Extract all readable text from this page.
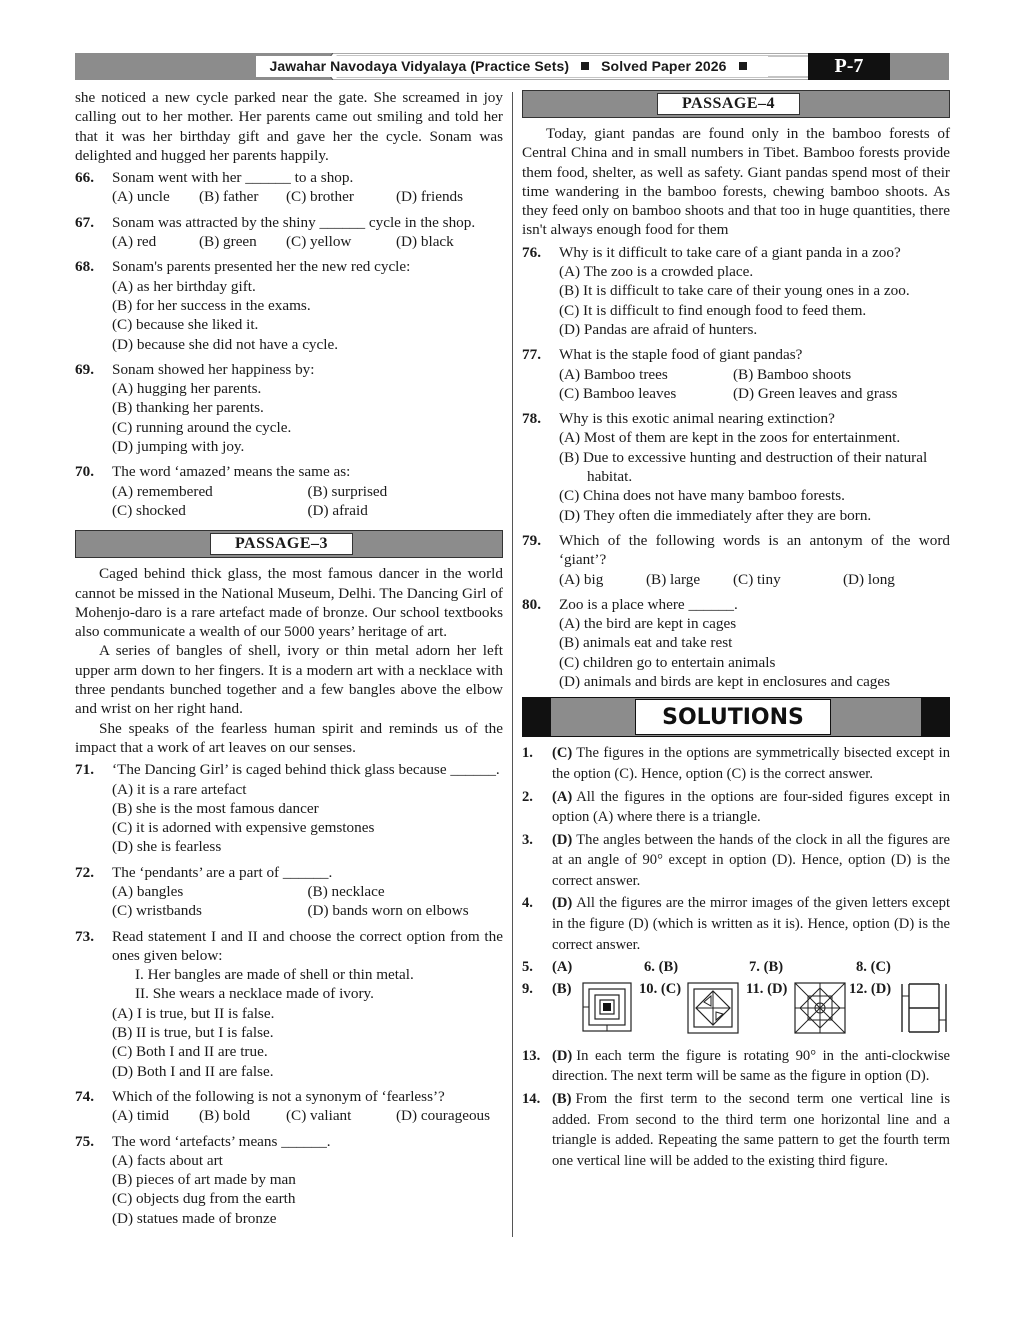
Jawahar Navodaya Vidyalaya (Practice Sets) Solved Paper 2026	P-7

she noticed a new cycle parked near the gate. She screamed in joy calling out to her mother. Her parents came out smiling and told her that it was her birthday gift and gave her the cycle. Sonam was delighted and hugged her parents happily.

66.	Sonam went with her ______ to a shop.
(A) uncle	(B) father	(C) brother	(D) friends
67.	Sonam was attracted by the shiny ______ cycle in the shop.
(A) red	(B) green	(C) yellow	(D) black
68.	Sonam's parents presented her the new red cycle:
(A) as her birthday gift.
(B) for her success in the exams.
(C) because she liked it.
(D) because she did not have a cycle.
69.	Sonam showed her happiness by:
(A) hugging her parents.
(B) thanking her parents.
(C) running around the cycle.
(D) jumping with joy.
70.	The word ‘amazed’ means the same as:
(A) remembered	(B) surprised
(C) shocked	(D) afraid
PASSAGE–3

Caged behind thick glass, the most famous dancer in the world cannot be missed in the National Museum, Delhi. The Dancing Girl of Mohenjo-daro is a rare artefact made of bronze. Our school textbooks also communicate a wealth of our 5000 years’ heritage of art.

A series of bangles of shell, ivory or thin metal adorn her left upper arm down to her fingers. It is a modern art with a necklace with three pendants bunched together and a few bangles above the elbow and wrist on her right hand.

She speaks of the fearless human spirit and reminds us of the impact that a work of art leaves on our senses.

71.	‘The Dancing Girl’ is caged behind thick glass because ______.
(A) it is a rare artefact
(B) she is the most famous dancer
(C) it is adorned with expensive gemstones
(D) she is fearless
72.	The ‘pendants’ are a part of ______.
(A) bangles	(B) necklace
(C) wristbands	(D) bands worn on elbows
73.	Read statement I and II and choose the correct option from the ones given below:
I. Her bangles are made of shell or thin metal.
II. She wears a necklace made of ivory.
(A) I is true, but II is false.
(B) II is true, but I is false.
(C) Both I and II are true.
(D) Both I and II are false.
74.	Which of the following is not a synonym of ‘fearless’?
(A) timid	(B) bold	(C) valiant	(D) courageous
75.	The word ‘artefacts’ means ______.
(A) facts about art
(B) pieces of art made by man
(C) objects dug from the earth
(D) statues made of bronze
PASSAGE–4

Today, giant pandas are found only in the bamboo forests of Central China and in small numbers in Tibet. Bamboo forests provide them food, shelter, as well as safety. Giant pandas spend most of their time wandering in the bamboo forests, chewing bamboo shoots. As they feed only on bamboo shoots and that too in huge quantities, there isn't always enough food for them

76.	Why is it difficult to take care of a giant panda in a zoo?
(A) The zoo is a crowded place.
(B) It is difficult to take care of their young ones in a zoo.
(C) It is difficult to find enough food to feed them.
(D) Pandas are afraid of hunters.
77.	What is the staple food of giant pandas?
(A) Bamboo trees	(B) Bamboo shoots
(C) Bamboo leaves	(D) Green leaves and grass
78.	Why is this exotic animal nearing extinction?
(A) Most of them are kept in the zoos for entertainment.
(B) Due to excessive hunting and destruction of their natural habitat.
(C) China does not have many bamboo forests.
(D) They often die immediately after they are born.
79.	Which of the following words is an antonym of the word ‘giant’?
(A) big	(B) large	(C) tiny	(D) long
80.	Zoo is a place where ______.
(A) the bird are kept in cages
(B) animals eat and take rest
(C) children go to entertain animals
(D) animals and birds are kept in enclosures and cages
SOLUTIONS
1.	(C) The figures in the options are symmetrically bisected except in the option (C). Hence, option (C) is the correct answer.
2.	(A) All the figures in the options are four-sided figures except in option (A) where there is a triangle.
3.	(D) The angles between the hands of the clock in all the figures are at an angle of 90° except in option (D). Hence, option (D) is the correct answer.
4.	(D) All the figures are the mirror images of the given letters except in the figure (D) (which is written as it is). Hence, option (D) is the correct answer.
5.	(A)	6. (B)	7. (B)	8. (C)
9. (B)	10. (C)	11. (D)	12. (D)
13. (D) In each term the figure is rotating 90° in the anti-clockwise direction. The next term will be same as the figure in option (D).
14. (B) From the first term to the second term one vertical line is added. From second to the third term one horizontal line and a triangle is added. Repeating the same pattern to get the fourth term one vertical line will be added to the existing third figure.
